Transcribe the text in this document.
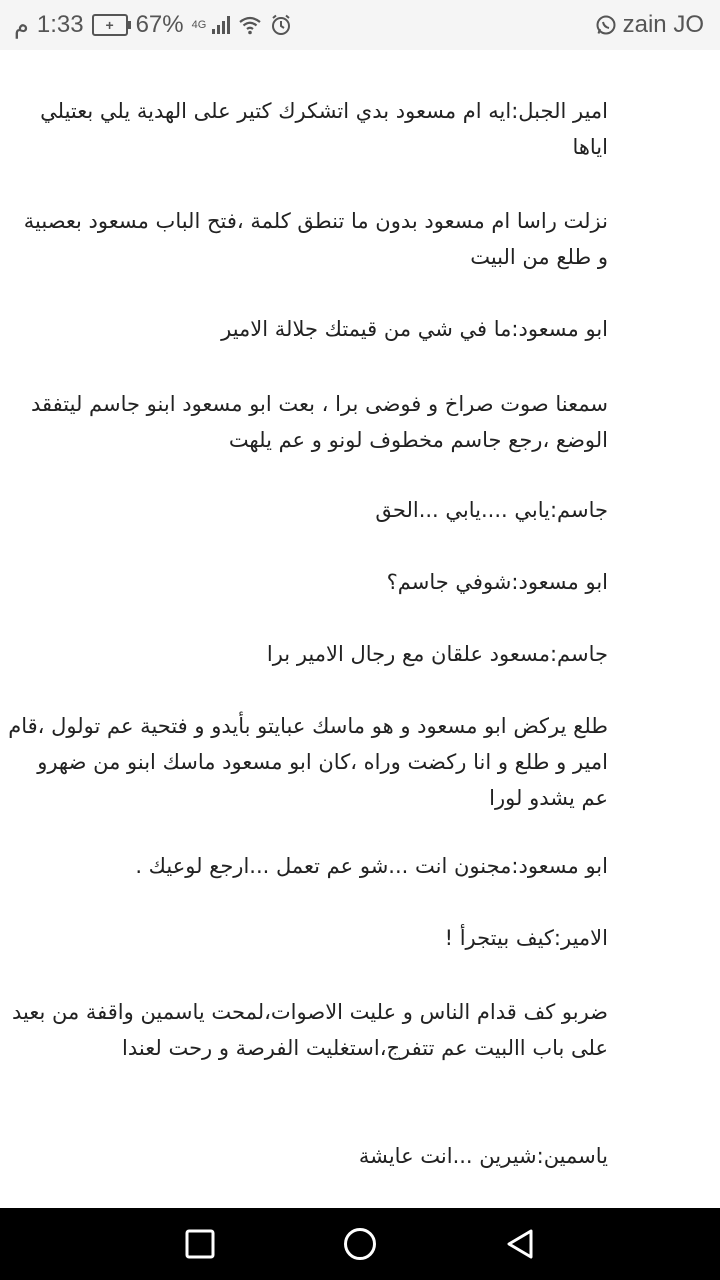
م 1:33	+ 67% 4G	zain JO

امير الجبل:ايه ام مسعود بدي اتشكرك كتير على الهدية يلي بعتيلي اياها

نزلت راسا ام مسعود بدون ما تنطق كلمة ،فتح الباب مسعود بعصبية و طلع من البيت

ابو مسعود:ما في شي من قيمتك جلالة الامير

سمعنا صوت صراخ و فوضى برا ، بعت ابو مسعود ابنو جاسم ليتفقد الوضع ،رجع جاسم مخطوف لونو و عم يلهت

جاسم:يابي ....يابي ...الحق

ابو مسعود:شوفي جاسم؟

جاسم:مسعود علقان مع رجال الامير برا

طلع يركض ابو مسعود و هو ماسك عبايتو بأيدو و فتحية عم تولول ،قام امير و طلع و انا ركضت وراه ،كان ابو مسعود ماسك ابنو من ضهرو عم يشدو لورا

ابو مسعود:مجنون انت ...شو عم تعمل ...ارجع لوعيك .

الامير:كيف بيتجرأ !

ضربو كف قدام الناس و عليت الاصوات،لمحت ياسمين واقفة من بعيد على باب االبيت عم تتفرج،استغليت الفرصة و رحت لعندا

ياسمين:شيرين ...انت عايشة
